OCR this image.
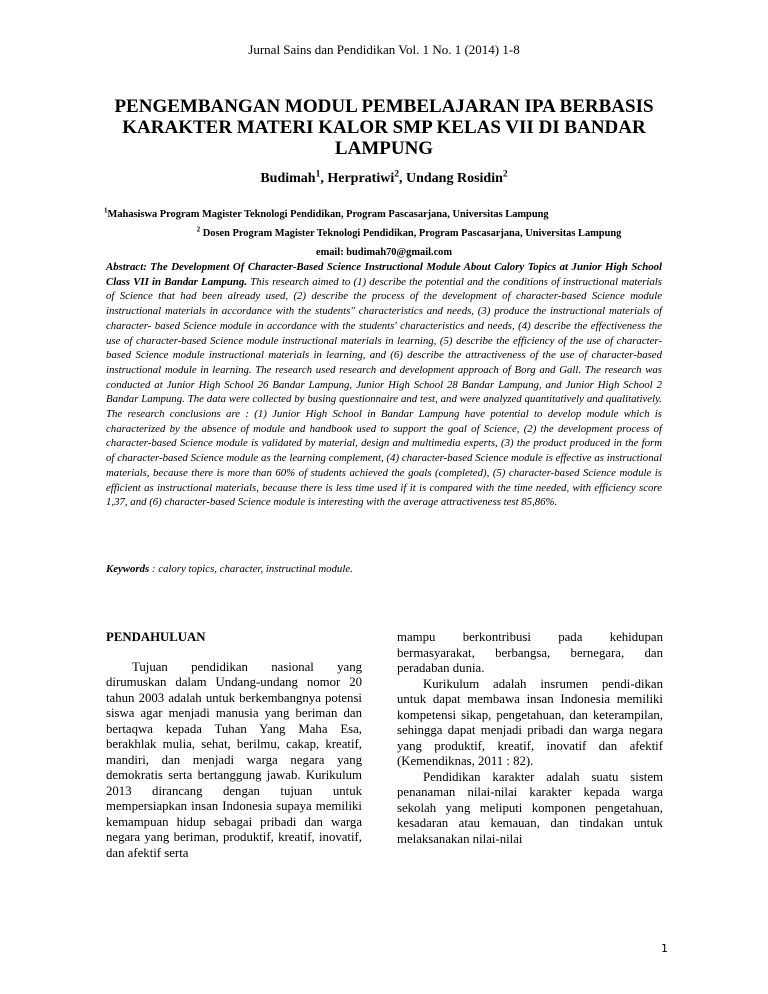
Jurnal Sains dan Pendidikan Vol. 1 No. 1 (2014) 1-8
PENGEMBANGAN MODUL PEMBELAJARAN IPA BERBASIS
KARAKTER MATERI KALOR SMP KELAS VII DI BANDAR
LAMPUNG
Budimah$^1$, Herpratiwi$^2$, Undang Rosidin$^2$
$^1$Mahasiswa Program Magister Teknologi Pendidikan, Program Pascasarjana, Universitas Lampung
$^2$ Dosen Program Magister Teknologi Pendidikan, Program Pascasarjana, Universitas Lampung
email: budimah70@gmail.com

Abstract: The Development Of Character-Based Science Instructional Module About Calory Topics at Junior High School Class VII in Bandar Lampung. This research aimed to (1) describe the potential and the conditions of instructional materials of Science that had been already used, (2) describe the process of the development of character-based Science module instructional materials in accordance with the students" characteristics and needs, (3) produce the instructional materials of character- based Science module in accordance with the students' characteristics and needs, (4) describe the effectiveness the use of character-based Science module instructional materials in learning, (5) describe the efficiency of the use of character-based Science module instructional materials in learning, and (6) describe the attractiveness of the use of character-based instructional module in learning. The research used research and development approach of Borg and Gall. The research was conducted at Junior High School 26 Bandar Lampung, Junior High School 28 Bandar Lampung, and Junior High School 2 Bandar Lampung. The data were collected by busing questionnaire and test, and were analyzed quantitatively and qualitatively. The research conclusions are : (1) Junior High School in Bandar Lampung have potential to develop module which is characterized by the absence of module and handbook used to support the goal of Science, (2) the development process of character-based Science module is validated by material, design and multimedia experts, (3) the product produced in the form of character-based Science module as the learning complement, (4) character-based Science module is effective as instructional materials, because there is more than 60% of students achieved the goals (completed), (5) character-based Science module is efficient as instructional materials, because there is less time used if it is compared with the time needed, with efficiency score 1,37, and (6) character-based Science module is interesting with the average attractiveness test 85,86%.

Keywords : calory topics, character, instructinal module.
PENDAHULUAN

Tujuan pendidikan nasional yang dirumuskan dalam Undang-undang nomor 20 tahun 2003 adalah untuk berkembangnya potensi siswa agar menjadi manusia yang beriman dan bertaqwa kepada Tuhan Yang Maha Esa, berakhlak mulia, sehat, berilmu, cakap, kreatif, mandiri, dan menjadi warga negara yang demokratis serta bertanggung jawab. Kurikulum 2013 dirancang dengan tujuan untuk mempersiapkan insan Indonesia supaya memiliki kemampuan hidup sebagai pribadi dan warga negara yang beriman, produktif, kreatif, inovatif, dan afektif serta

mampu berkontribusi pada kehidupan bermasyarakat, berbangsa, bernegara, dan peradaban dunia.

Kurikulum adalah insrumen pendi-dikan untuk dapat membawa insan Indonesia memiliki kompetensi sikap, pengetahuan, dan keterampilan, sehingga dapat menjadi pribadi dan warga negara yang produktif, kreatif, inovatif dan afektif (Kemendiknas, 2011 : 82).

Pendidikan karakter adalah suatu sistem penanaman nilai-nilai karakter kepada warga sekolah yang meliputi komponen pengetahuan, kesadaran atau kemauan, dan tindakan untuk melaksanakan nilai-nilai

1
